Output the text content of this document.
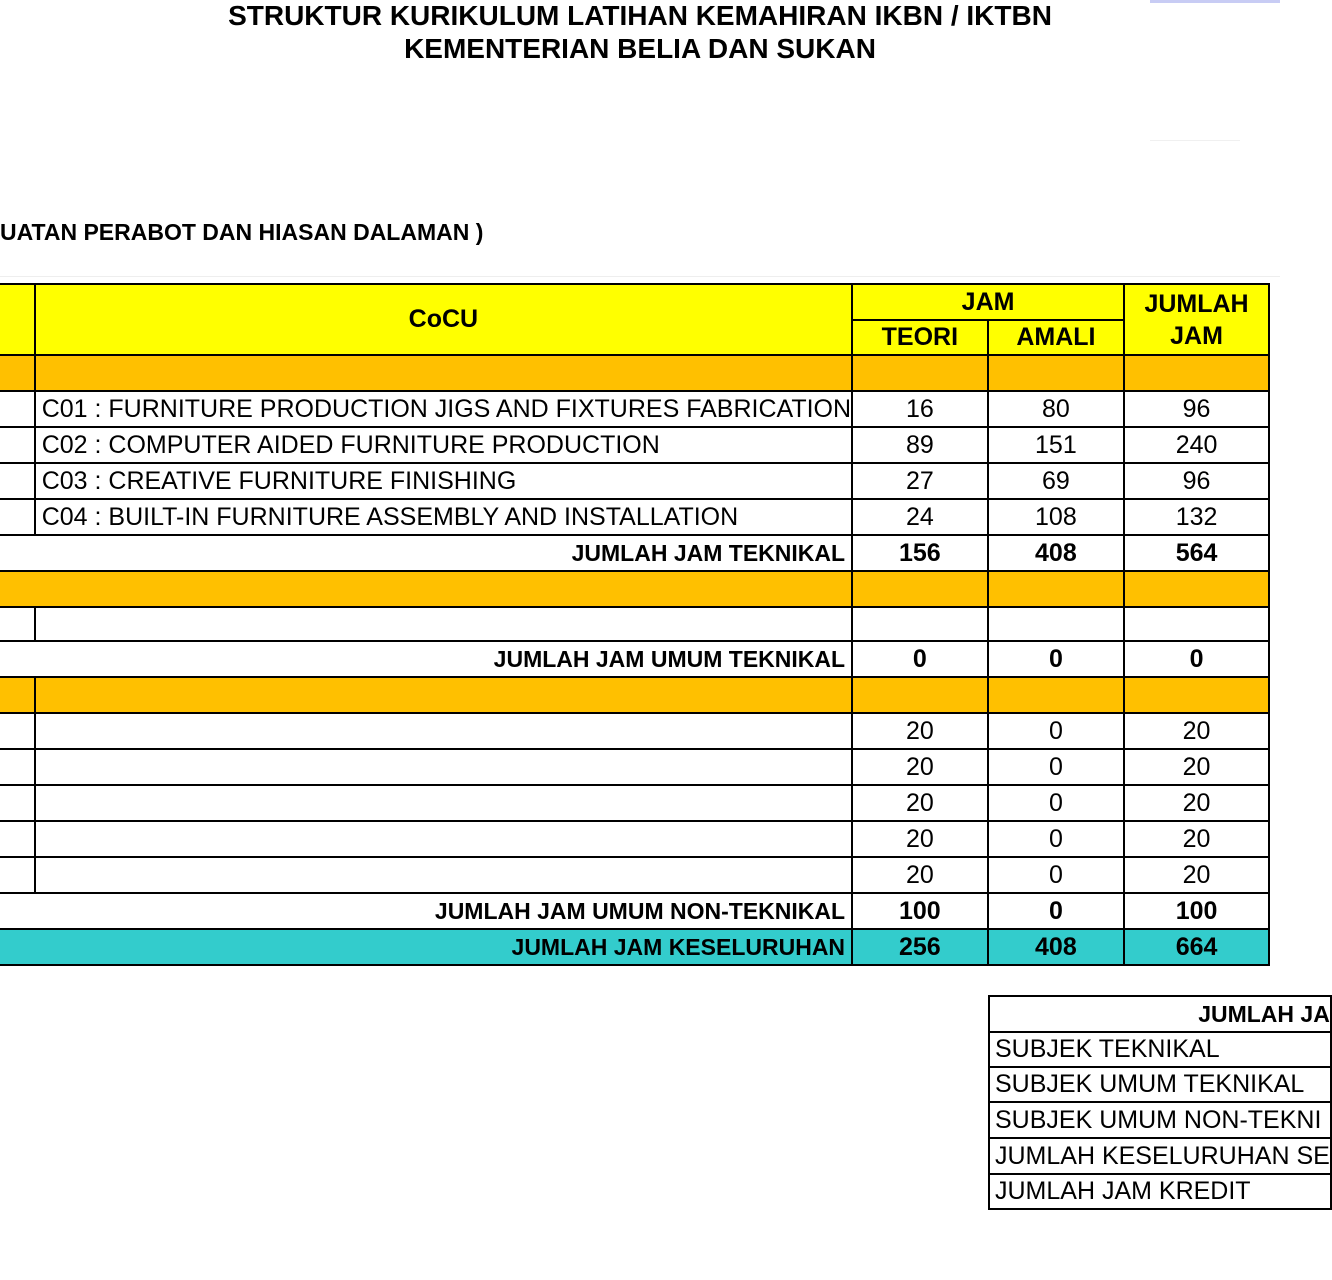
STRUKTUR KURIKULUM LATIHAN KEMAHIRAN IKBN / IKTBN
KEMENTERIAN BELIA DAN SUKAN
UATAN PERABOT DAN HIASAN DALAMAN )
	CoCU	JAM		JUMLAH
JAM
		TEORI	AMALI	

	C01 : FURNITURE PRODUCTION JIGS AND FIXTURES FABRICATION	16	80	96
	C02 : COMPUTER AIDED FURNITURE PRODUCTION	89	151	240
	C03 : CREATIVE FURNITURE FINISHING	27	69	96
	C04 : BUILT-IN FURNITURE ASSEMBLY AND INSTALLATION	24	108	132
JUMLAH JAM TEKNIKAL		156	408	564

JUMLAH JAM UMUM TEKNIKAL		0	0	0

		20	0	20
		20	0	20
		20	0	20
		20	0	20
		20	0	20
JUMLAH JAM UMUM NON-TEKNIKAL		100	0	100
JUMLAH JAM KESELURUHAN		256	408	664
JUMLAH JA
SUBJEK TEKNIKAL
SUBJEK UMUM TEKNIKAL
SUBJEK UMUM NON-TEKNI
JUMLAH KESELURUHAN SE
JUMLAH JAM KREDIT
